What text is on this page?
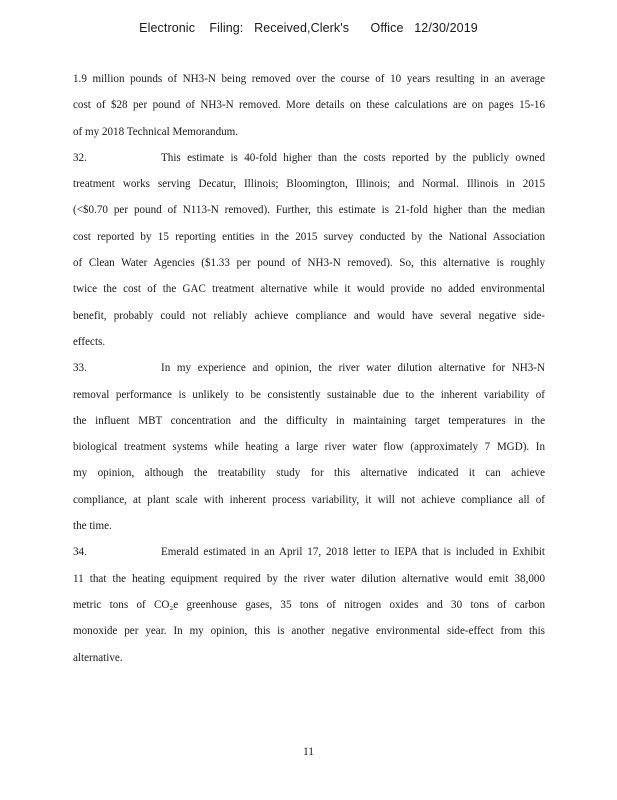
Electronic    Filing:   Received,Clerk's      Office   12/30/2019
1.9 million pounds of NH3-N being removed over the course of 10 years resulting in an average
cost of $28 per pound of NH3-N removed. More details on these calculations are on pages 15-16
of my 2018 Technical Memorandum.
32.	This estimate is 40-fold higher than the costs reported by the publicly owned
treatment works serving Decatur, Illinois; Bloomington, Illinois; and Normal. Illinois in 2015
(<$0.70 per pound of N113-N removed). Further, this estimate is 21-fold higher than the median
cost reported by 15 reporting entities in the 2015 survey conducted by the National Association
of Clean Water Agencies ($1.33 per pound of NH3-N removed). So, this alternative is roughly
twice the cost of the GAC treatment alternative while it would provide no added environmental
benefit, probably could not reliably achieve compliance and would have several negative side-
effects.
33.	In my experience and opinion, the river water dilution alternative for NH3-N
removal performance is unlikely to be consistently sustainable due to the inherent variability of
the influent MBT concentration and the difficulty in maintaining target temperatures in the
biological treatment systems while heating a large river water flow (approximately 7 MGD). In
my opinion, although the treatability study for this alternative indicated it can achieve
compliance, at plant scale with inherent process variability, it will not achieve compliance all of
the time.
34.	Emerald estimated in an April 17, 2018 letter to IEPA that is included in Exhibit
11 that the heating equipment required by the river water dilution alternative would emit 38,000
metric tons of CO₂e greenhouse gases, 35 tons of nitrogen oxides and 30 tons of carbon
monoxide per year. In my opinion, this is another negative environmental side-effect from this
alternative.
11
